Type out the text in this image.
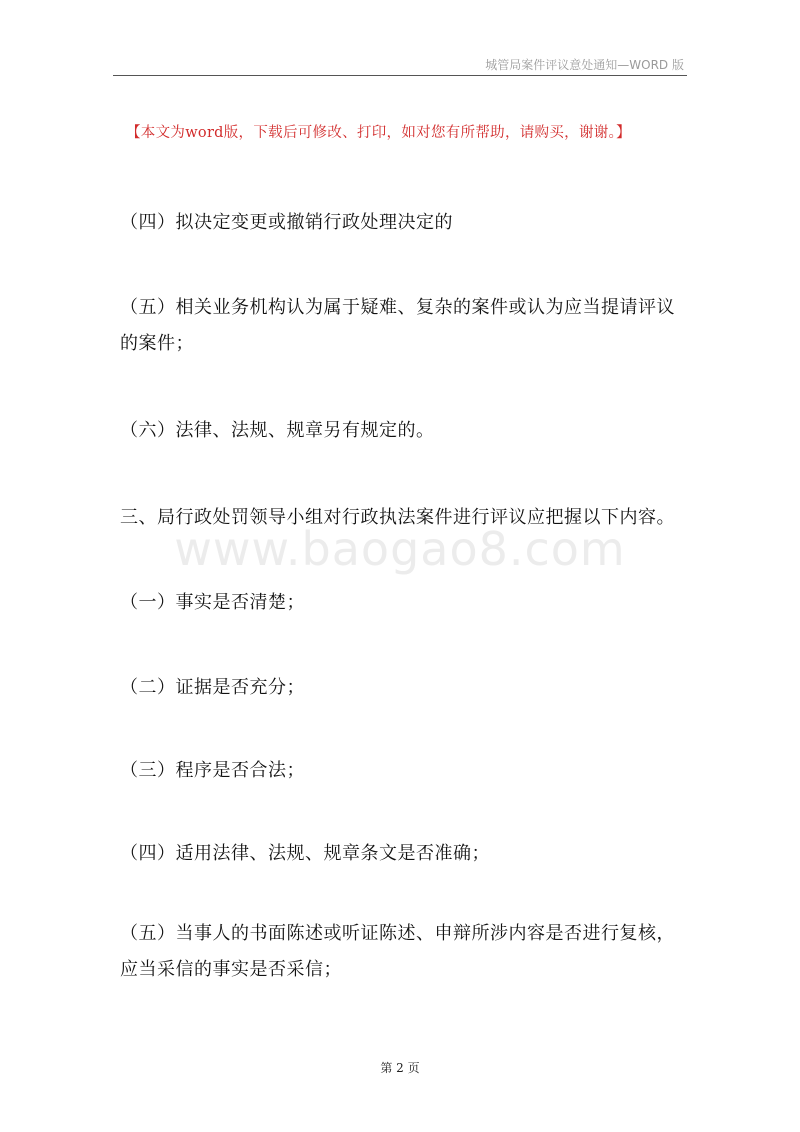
城管局案件评议意处通知—WORD 版
【本文为word版，下载后可修改、打印，如对您有所帮助，请购买，谢谢。】

（四）拟决定变更或撤销行政处理决定的

（五）相关业务机构认为属于疑难、复杂的案件或认为应当提请评议的案件；

（六）法律、法规、规章另有规定的。

三、局行政处罚领导小组对行政执法案件进行评议应把握以下内容。

www.baogao8.com

（一）事实是否清楚；

（二）证据是否充分；

（三）程序是否合法；

（四）适用法律、法规、规章条文是否准确；

（五）当事人的书面陈述或听证陈述、申辩所涉内容是否进行复核，应当采信的事实是否采信；

第 2 页
